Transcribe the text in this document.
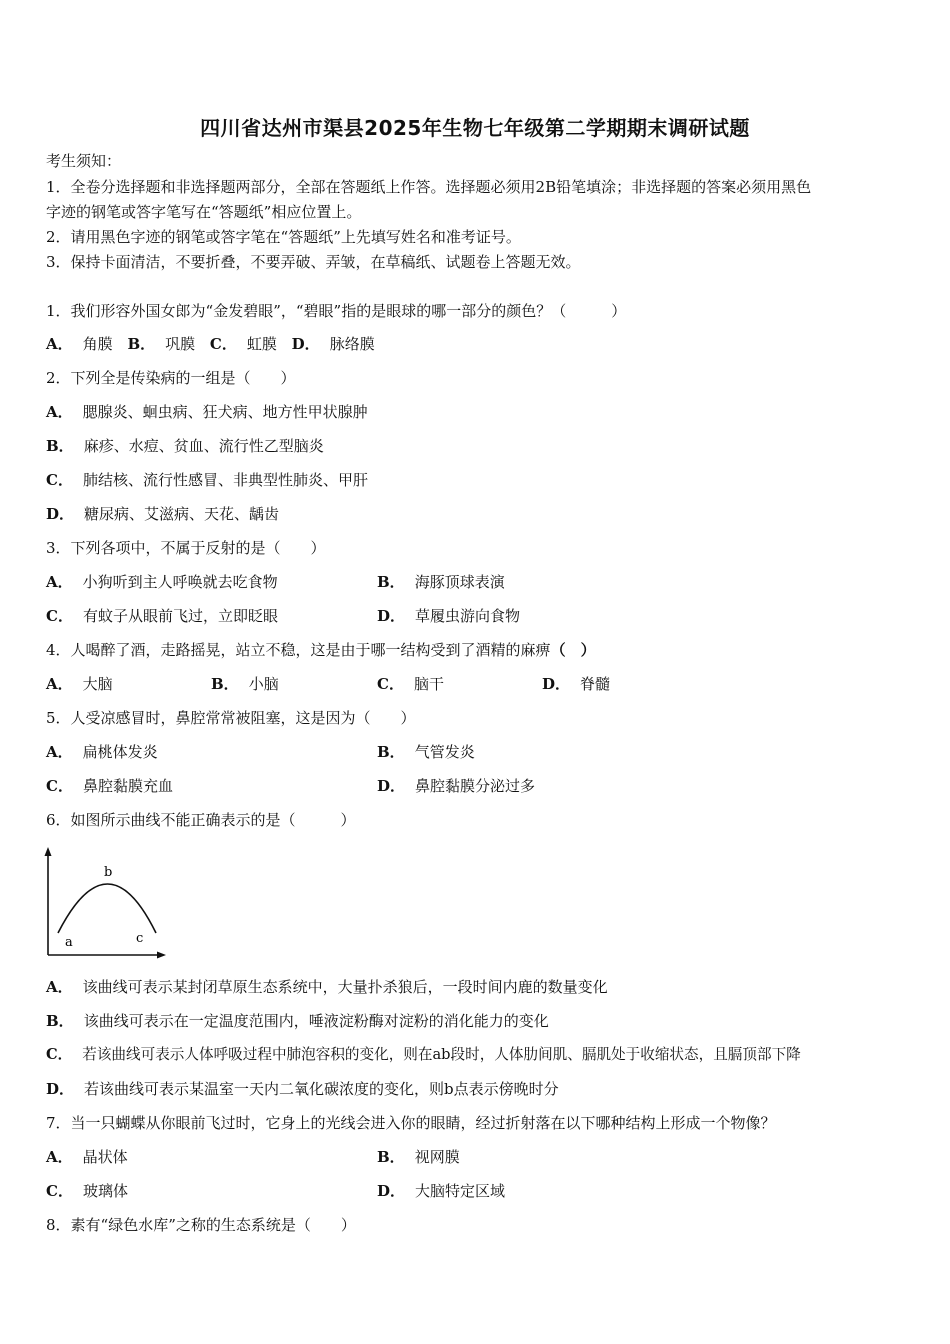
四川省达州市渠县2025年生物七年级第二学期期末调研试题
考生须知：
1．全卷分选择题和非选择题两部分，全部在答题纸上作答。选择题必须用2B铅笔填涂；非选择题的答案必须用黑色
字迹的钢笔或答字笔写在“答题纸”相应位置上。
2．请用黑色字迹的钢笔或答字笔在“答题纸”上先填写姓名和准考证号。
3．保持卡面清洁，不要折叠，不要弄破、弄皱，在草稿纸、试题卷上答题无效。
1．我们形容外国女郎为“金发碧眼”，“碧眼”指的是眼球的哪一部分的颜色？（　　　）
A． 角膜 B． 巩膜 C． 虹膜 D． 脉络膜
2．下列全是传染病的一组是（　　）
A． 腮腺炎、蛔虫病、狂犬病、地方性甲状腺肿
B． 麻疹、水痘、贫血、流行性乙型脑炎
C． 肺结核、流行性感冒、非典型性肺炎、甲肝
D． 糖尿病、艾滋病、天花、龋齿
3．下列各项中，不属于反射的是（　　）
A． 小狗听到主人呼唤就去吃食物	B． 海豚顶球表演
C． 有蚊子从眼前飞过，立即眨眼	D． 草履虫游向食物
4．人喝醉了酒，走路摇晃，站立不稳，这是由于哪一结构受到了酒精的麻痹（　）
A． 大脑	B． 小脑	C． 脑干	D． 脊髓
5．人受凉感冒时，鼻腔常常被阻塞，这是因为（　　）
A． 扁桃体发炎	B． 气管发炎
C． 鼻腔黏膜充血	D． 鼻腔黏膜分泌过多
6．如图所示曲线不能正确表示的是（　　　）
a
b
c
A． 该曲线可表示某封闭草原生态系统中，大量扑杀狼后，一段时间内鹿的数量变化
B． 该曲线可表示在一定温度范围内，唾液淀粉酶对淀粉的消化能力的变化
C． 若该曲线可表示人体呼吸过程中肺泡容积的变化，则在ab段时，人体肋间肌、膈肌处于收缩状态，且膈顶部下降
D． 若该曲线可表示某温室一天内二氧化碳浓度的变化，则b点表示傍晚时分
7．当一只蝴蝶从你眼前飞过时，它身上的光线会进入你的眼睛，经过折射落在以下哪种结构上形成一个物像？
A． 晶状体	B． 视网膜
C． 玻璃体	D． 大脑特定区域
8．素有“绿色水库”之称的生态系统是（　　）
